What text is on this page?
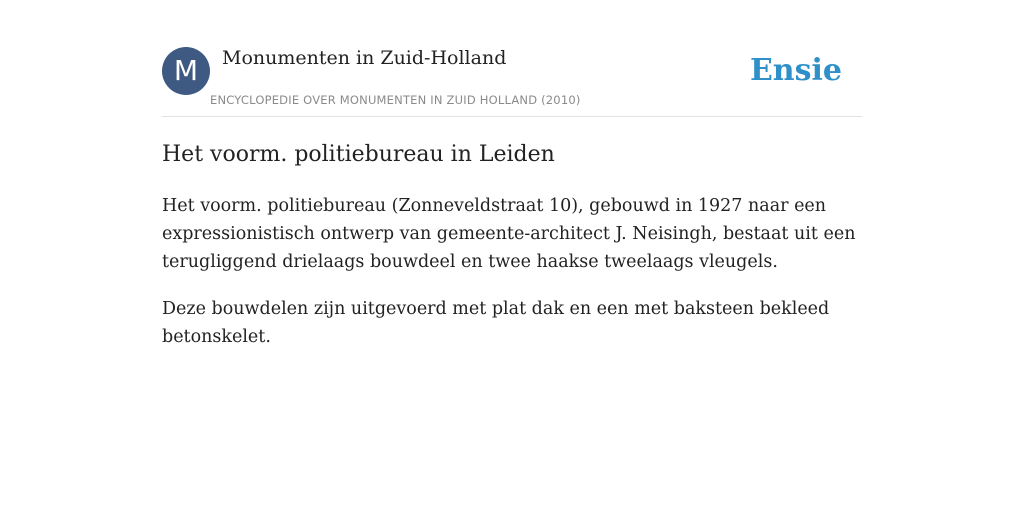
M	Monumenten in Zuid-Holland
ENCYCLOPEDIE OVER MONUMENTEN IN ZUID HOLLAND (2010)
Ensie
Het voorm. politiebureau in Leiden

Het voorm. politiebureau (Zonneveldstraat 10), gebouwd in 1927 naar een expressionistisch ontwerp van gemeente-architect J. Neisingh, bestaat uit een terugliggend drielaags bouwdeel en twee haakse tweelaags vleugels.

Deze bouwdelen zijn uitgevoerd met plat dak en een met baksteen bekleed betonskelet.
